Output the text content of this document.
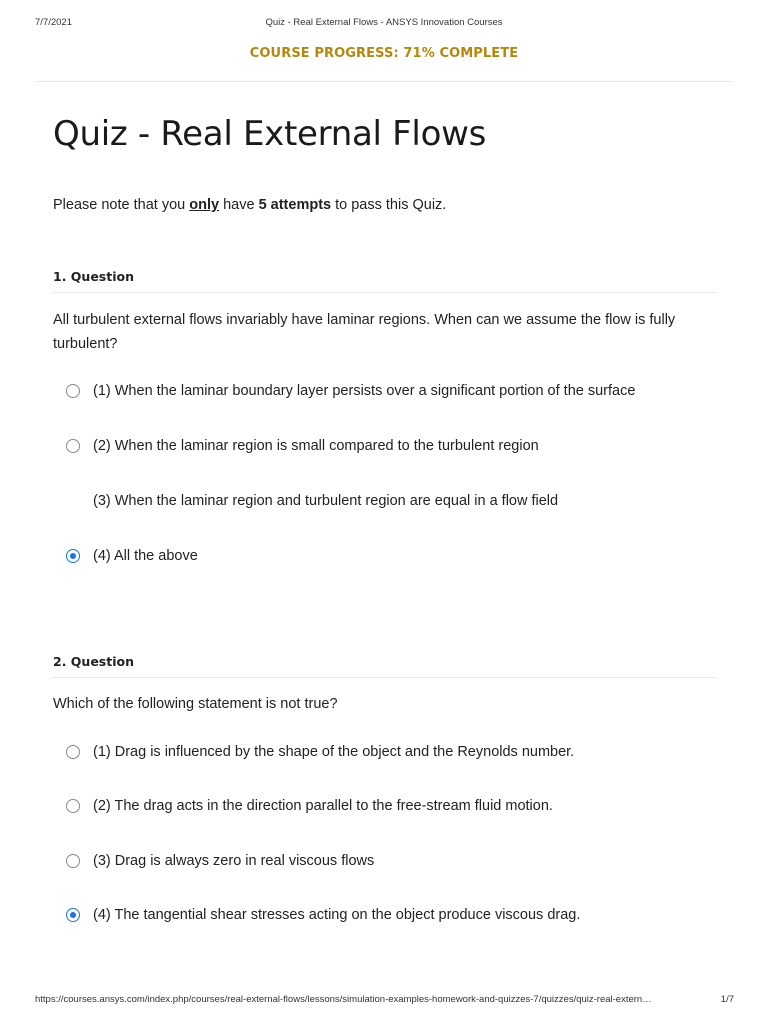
7/7/2021	Quiz - Real External Flows - ANSYS Innovation Courses
COURSE PROGRESS: 71% COMPLETE
Quiz - Real External Flows
Please note that you only have 5 attempts to pass this Quiz.
1. Question
All turbulent external flows invariably have laminar regions. When can we assume the flow is fully turbulent?
(1) When the laminar boundary layer persists over a significant portion of the surface
(2) When the laminar region is small compared to the turbulent region
(3) When the laminar region and turbulent region are equal in a flow field
(4) All the above
2. Question
Which of the following statement is not true?
(1) Drag is influenced by the shape of the object and the Reynolds number.
(2) The drag acts in the direction parallel to the free-stream fluid motion.
(3) Drag is always zero in real viscous flows
(4) The tangential shear stresses acting on the object produce viscous drag.
https://courses.ansys.com/index.php/courses/real-external-flows/lessons/simulation-examples-homework-and-quizzes-7/quizzes/quiz-real-extern…	1/7
